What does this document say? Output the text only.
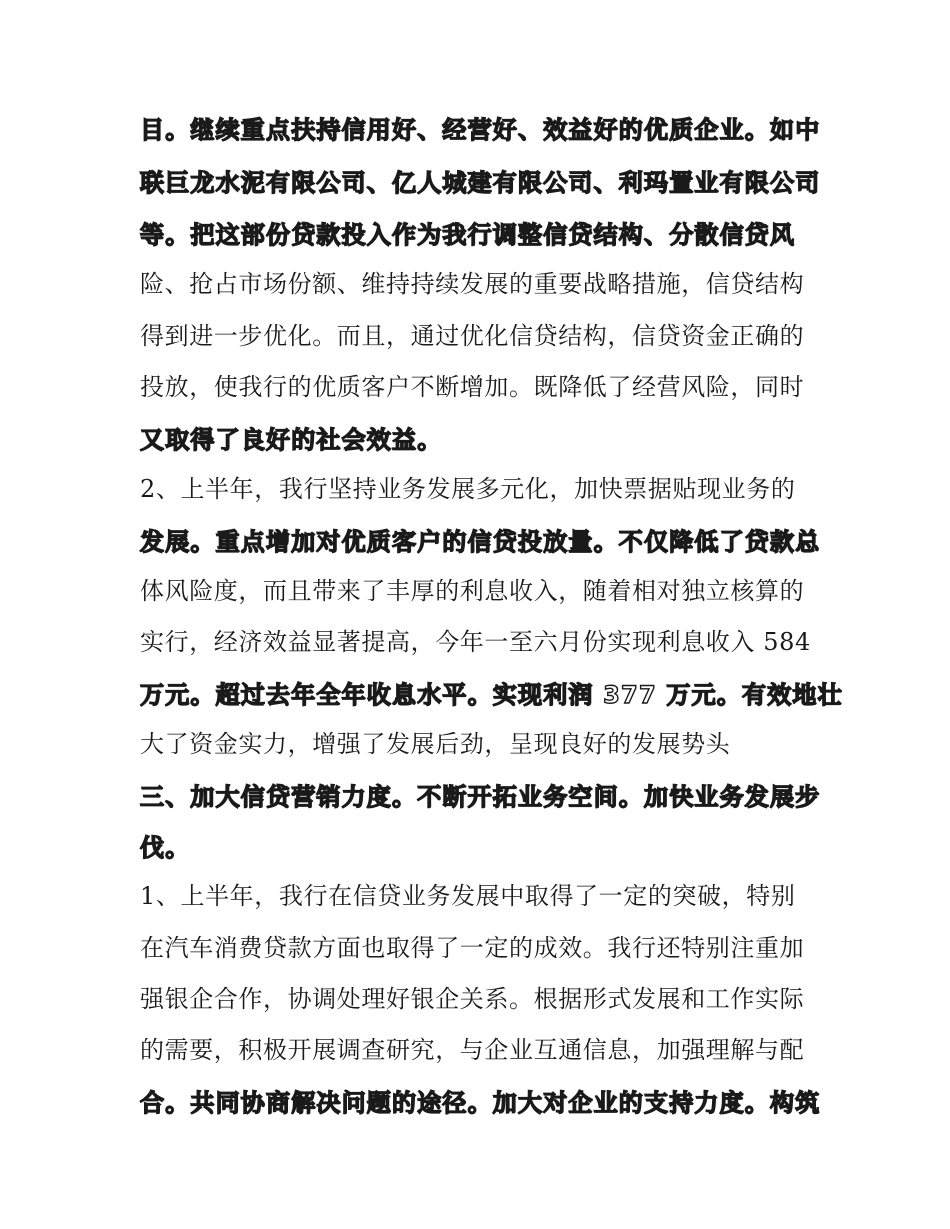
目。继续重点扶持信用好、经营好、效益好的优质企业。如中
联巨龙水泥有限公司、亿人城建有限公司、利玛置业有限公司
等。把这部份贷款投入作为我行调整信贷结构、分散信贷风
险、抢占市场份额、维持持续发展的重要战略措施，信贷结构
得到进一步优化。而且，通过优化信贷结构，信贷资金正确的
投放，使我行的优质客户不断增加。既降低了经营风险，同时
又取得了良好的社会效益。
2、上半年，我行坚持业务发展多元化，加快票据贴现业务的
发展。重点增加对优质客户的信贷投放量。不仅降低了贷款总
体风险度，而且带来了丰厚的利息收入，随着相对独立核算的
实行，经济效益显著提高，今年一至六月份实现利息收入 584
万元。超过去年全年收息水平。实现利润 377 万元。有效地壮
大了资金实力，增强了发展后劲，呈现良好的发展势头
三、加大信贷营销力度。不断开拓业务空间。加快业务发展步
伐。
1、上半年，我行在信贷业务发展中取得了一定的突破，特别
在汽车消费贷款方面也取得了一定的成效。我行还特别注重加
强银企合作，协调处理好银企关系。根据形式发展和工作实际
的需要，积极开展调查研究，与企业互通信息，加强理解与配
合。共同协商解决问题的途径。加大对企业的支持力度。构筑
